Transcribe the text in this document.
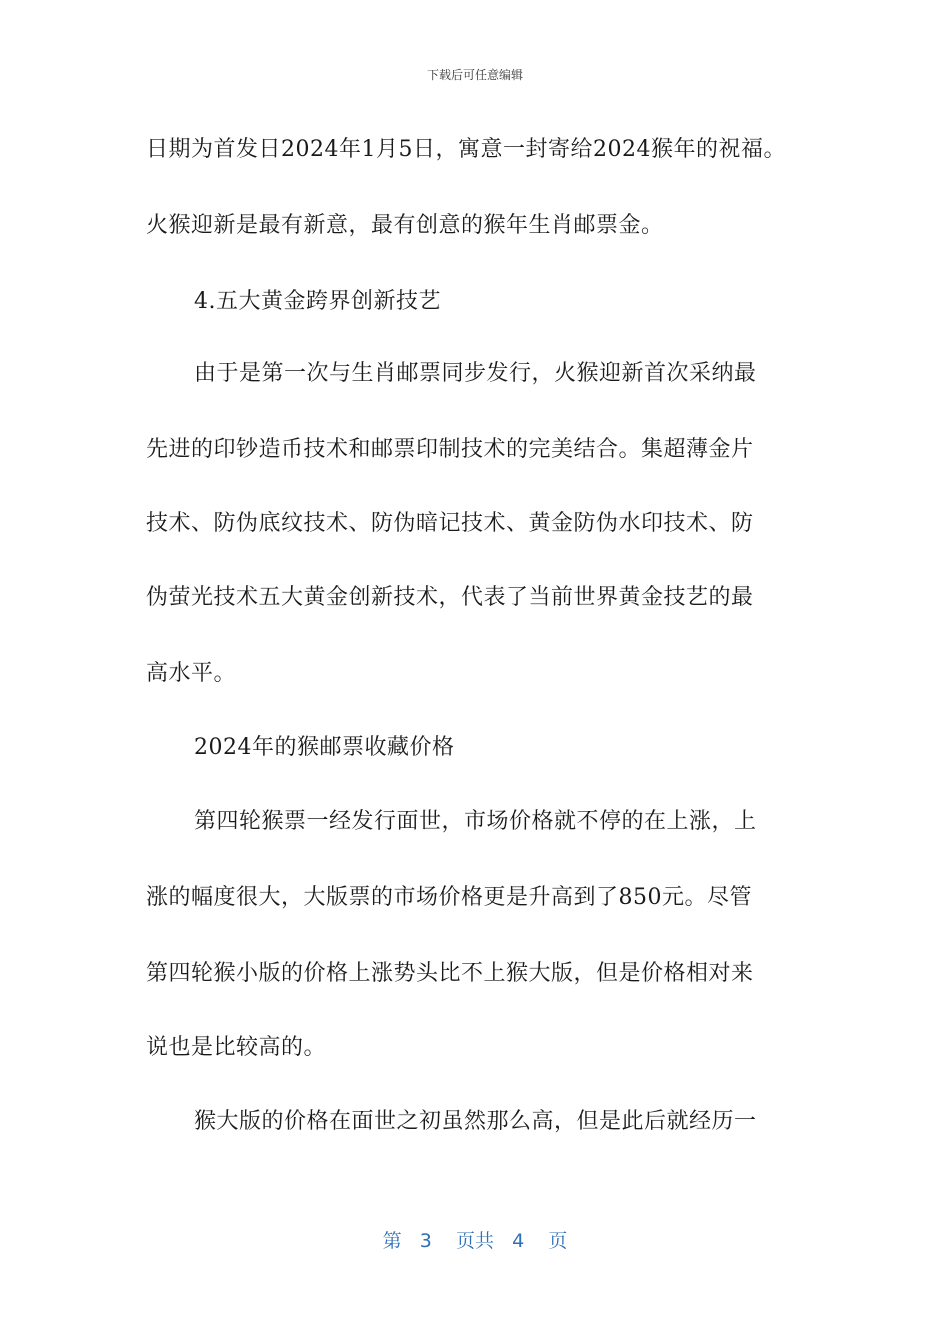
下载后可任意编辑
日期为首发日2024年1月5日，寓意一封寄给2024猴年的祝福。
火猴迎新是最有新意，最有创意的猴年生肖邮票金。
4.五大黄金跨界创新技艺
由于是第一次与生肖邮票同步发行，火猴迎新首次采纳最
先进的印钞造币技术和邮票印制技术的完美结合。集超薄金片
技术、防伪底纹技术、防伪暗记技术、黄金防伪水印技术、防
伪萤光技术五大黄金创新技术，代表了当前世界黄金技艺的最
高水平。
2024年的猴邮票收藏价格
第四轮猴票一经发行面世，市场价格就不停的在上涨，上
涨的幅度很大，大版票的市场价格更是升高到了850元。尽管
第四轮猴小版的价格上涨势头比不上猴大版，但是价格相对来
说也是比较高的。
猴大版的价格在面世之初虽然那么高，但是此后就经历一
第 3 页共 4 页
